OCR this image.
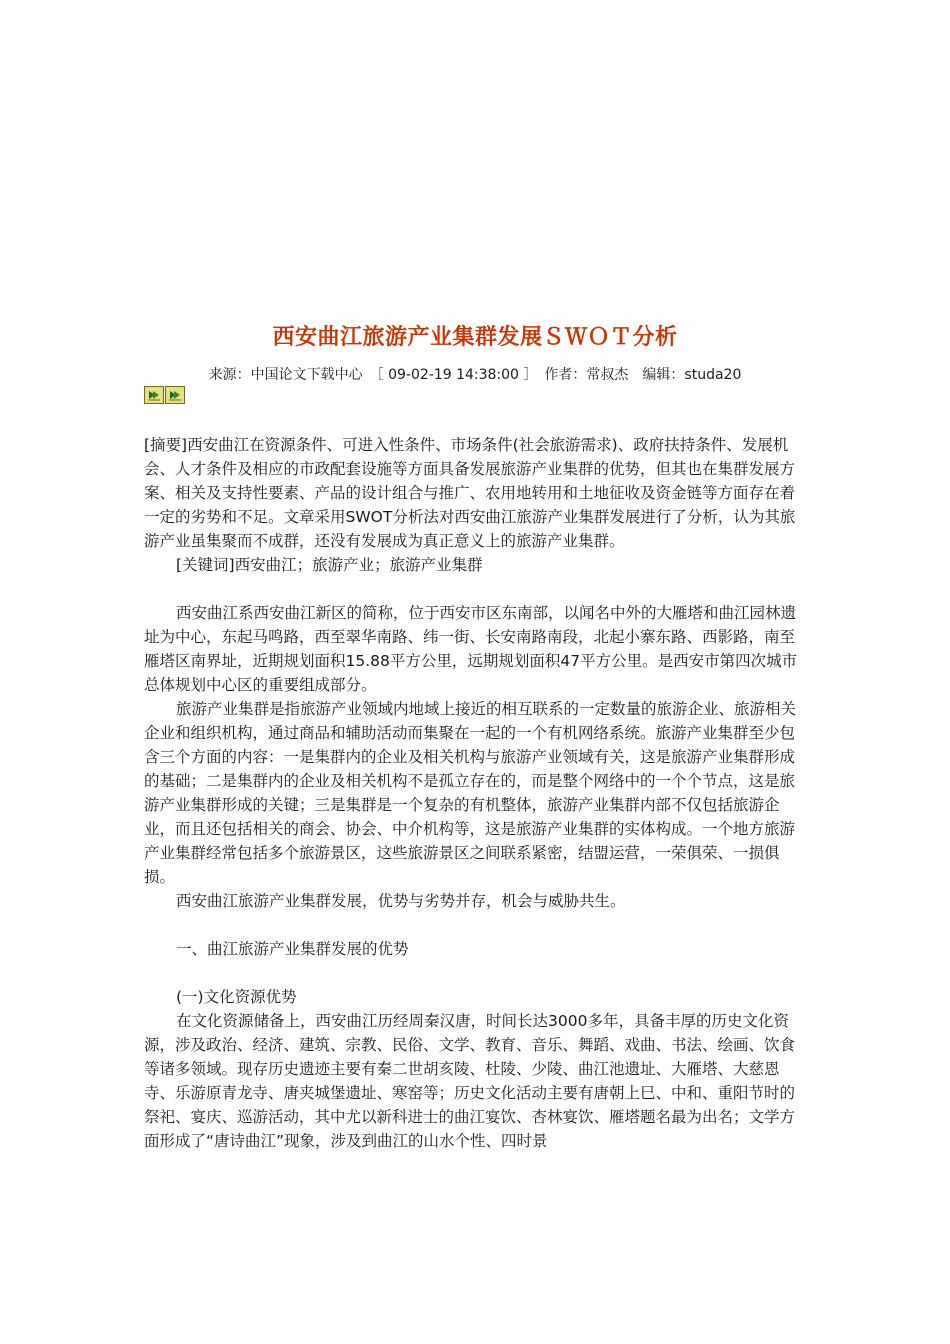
西安曲江旅游产业集群发展ＳＷＯＴ分析
来源：中国论文下载中心　［ 09-02-19 14:38:00 ］　作者：常叔杰　编辑：studa20

[摘要]西安曲江在资源条件、可进入性条件、市场条件(社会旅游需求)、政府扶持条件、发展机会、人才条件及相应的市政配套设施等方面具备发展旅游产业集群的优势，但其也在集群发展方案、相关及支持性要素、产品的设计组合与推广、农用地转用和土地征收及资金链等方面存在着一定的劣势和不足。文章采用SWOT分析法对西安曲江旅游产业集群发展进行了分析，认为其旅游产业虽集聚而不成群，还没有发展成为真正意义上的旅游产业集群。

[关键词]西安曲江；旅游产业；旅游产业集群

西安曲江系西安曲江新区的简称，位于西安市区东南部，以闻名中外的大雁塔和曲江园林遗址为中心，东起马鸣路，西至翠华南路、纬一街、长安南路南段，北起小寨东路、西影路，南至雁塔区南界址，近期规划面积15.88平方公里，远期规划面积47平方公里。是西安市第四次城市总体规划中心区的重要组成部分。

旅游产业集群是指旅游产业领域内地域上接近的相互联系的一定数量的旅游企业、旅游相关企业和组织机构，通过商品和辅助活动而集聚在一起的一个有机网络系统。旅游产业集群至少包含三个方面的内容：一是集群内的企业及相关机构与旅游产业领域有关，这是旅游产业集群形成的基础；二是集群内的企业及相关机构不是孤立存在的，而是整个网络中的一个个节点，这是旅游产业集群形成的关键；三是集群是一个复杂的有机整体，旅游产业集群内部不仅包括旅游企业，而且还包括相关的商会、协会、中介机构等，这是旅游产业集群的实体构成。一个地方旅游产业集群经常包括多个旅游景区，这些旅游景区之间联系紧密，结盟运营，一荣俱荣、一损俱损。

西安曲江旅游产业集群发展，优势与劣势并存，机会与威胁共生。

一、曲江旅游产业集群发展的优势

(一)文化资源优势

在文化资源储备上，西安曲江历经周秦汉唐，时间长达3000多年，具备丰厚的历史文化资源，涉及政治、经济、建筑、宗教、民俗、文学、教育、音乐、舞蹈、戏曲、书法、绘画、饮食等诸多领域。现存历史遗迹主要有秦二世胡亥陵、杜陵、少陵、曲江池遗址、大雁塔、大慈恩寺、乐游原青龙寺、唐夹城堡遗址、寒窑等；历史文化活动主要有唐朝上巳、中和、重阳节时的祭祀、宴庆、巡游活动，其中尤以新科进士的曲江宴饮、杏林宴饮、雁塔题名最为出名；文学方面形成了“唐诗曲江”现象，涉及到曲江的山水个性、四时景
